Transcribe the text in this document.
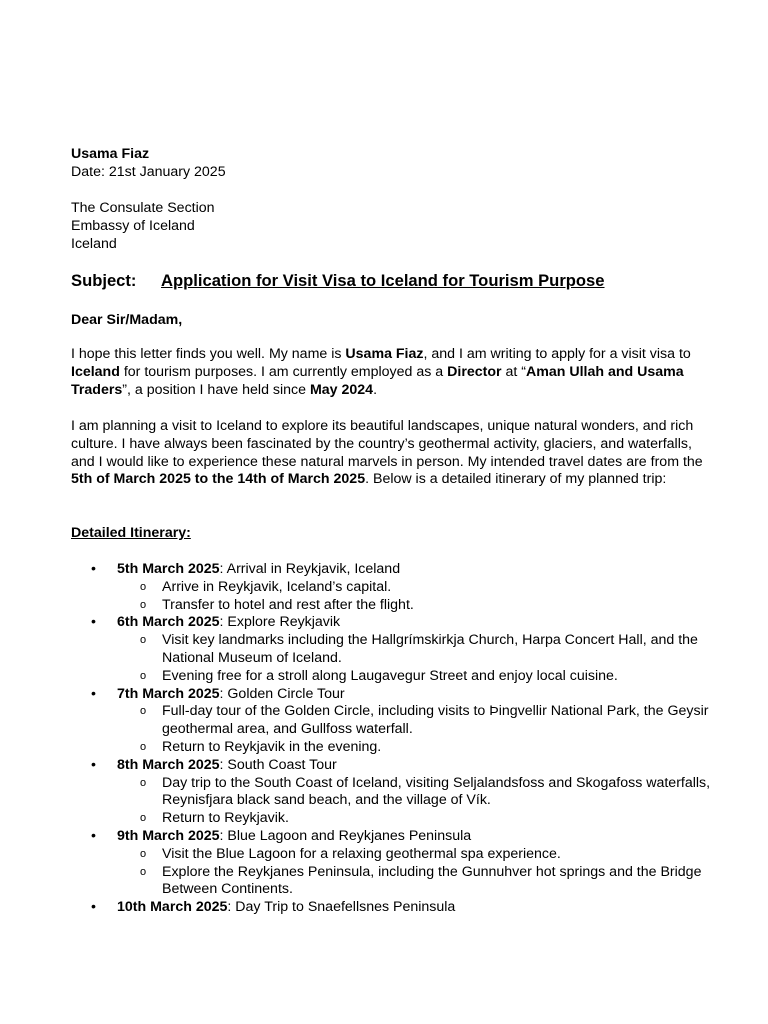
Usama Fiaz
Date: 21st January 2025
The Consulate Section
Embassy of Iceland
Iceland
Subject: Application for Visit Visa to Iceland for Tourism Purpose
Dear Sir/Madam,
I hope this letter finds you well. My name is Usama Fiaz, and I am writing to apply for a visit visa to Iceland for tourism purposes. I am currently employed as a Director at “Aman Ullah and Usama Traders”, a position I have held since May 2024.
I am planning a visit to Iceland to explore its beautiful landscapes, unique natural wonders, and rich culture. I have always been fascinated by the country’s geothermal activity, glaciers, and waterfalls, and I would like to experience these natural marvels in person. My intended travel dates are from the 5th of March 2025 to the 14th of March 2025. Below is a detailed itinerary of my planned trip:
Detailed Itinerary:
• 5th March 2025: Arrival in Reykjavik, Iceland
o Arrive in Reykjavik, Iceland’s capital.
o Transfer to hotel and rest after the flight.
• 6th March 2025: Explore Reykjavik
o Visit key landmarks including the Hallgrímskirkja Church, Harpa Concert Hall, and the National Museum of Iceland.
o Evening free for a stroll along Laugavegur Street and enjoy local cuisine.
• 7th March 2025: Golden Circle Tour
o Full-day tour of the Golden Circle, including visits to Þingvellir National Park, the Geysir geothermal area, and Gullfoss waterfall.
o Return to Reykjavik in the evening.
• 8th March 2025: South Coast Tour
o Day trip to the South Coast of Iceland, visiting Seljalandsfoss and Skogafoss waterfalls, Reynisfjara black sand beach, and the village of Vík.
o Return to Reykjavik.
• 9th March 2025: Blue Lagoon and Reykjanes Peninsula
o Visit the Blue Lagoon for a relaxing geothermal spa experience.
o Explore the Reykjanes Peninsula, including the Gunnuhver hot springs and the Bridge Between Continents.
• 10th March 2025: Day Trip to Snaefellsnes Peninsula
